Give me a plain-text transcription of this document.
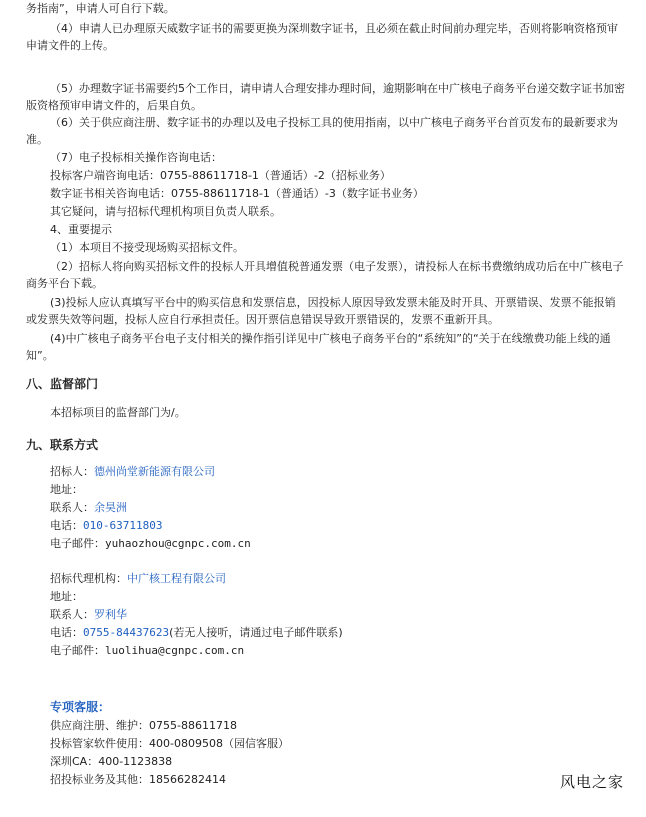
务指南”，申请人可自行下载。
（4）申请人已办理原天威数字证书的需要更换为深圳数字证书，且必须在截止时间前办理完毕，否则将影响资格预审申请文件的上传。
（5）办理数字证书需要约5个工作日，请申请人合理安排办理时间，逾期影响在中广核电子商务平台递交数字证书加密版资格预审申请文件的，后果自负。
（6）关于供应商注册、数字证书的办理以及电子投标工具的使用指南，以中广核电子商务平台首页发布的最新要求为准。
（7）电子投标相关操作咨询电话：
投标客户端咨询电话：0755-88611718-1（普通话）-2（招标业务）
数字证书相关咨询电话：0755-88611718-1（普通话）-3（数字证书业务）
其它疑问，请与招标代理机构项目负责人联系。
4、重要提示
（1）本项目不接受现场购买招标文件。
（2）招标人将向购买招标文件的投标人开具增值税普通发票（电子发票），请投标人在标书费缴纳成功后在中广核电子商务平台下载。
(3)投标人应认真填写平台中的购买信息和发票信息，因投标人原因导致发票未能及时开具、开票错误、发票不能报销或发票失效等问题，投标人应自行承担责任。因开票信息错误导致开票错误的，发票不重新开具。
(4)中广核电子商务平台电子支付相关的操作指引详见中广核电子商务平台的“系统知”的“关于在线缴费功能上线的通知”。
八、监督部门
本招标项目的监督部门为/。
九、联系方式
招标人：德州尚堂新能源有限公司
地址：
联系人：余昊洲
电话：010-63711803
电子邮件：yuhaozhou@cgnpc.com.cn
招标代理机构：中广核工程有限公司
地址：
联系人：罗利华
电话：0755-84437623(若无人接听，请通过电子邮件联系)
电子邮件：luolihua@cgnpc.com.cn
专项客服：
供应商注册、维护：0755-88611718
投标管家软件使用：400-0809508（园信客服）
深圳CA：400-1123838
招投标业务及其他：18566282414	风电之家
